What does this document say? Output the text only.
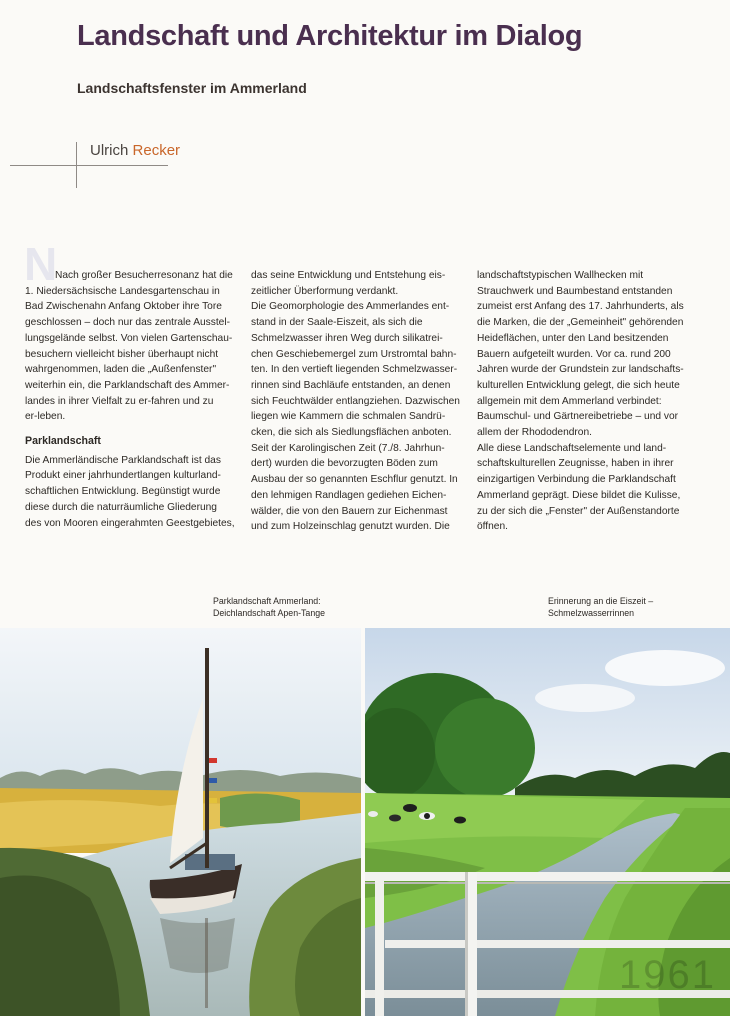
Landschaft und Architektur im Dialog
Landschaftsfenster im Ammerland
Ulrich Recker
N

Nach großer Besucherresonanz hat die

1. Niedersächsische Landesgartenschau in

Bad Zwischenahn Anfang Oktober ihre Tore

geschlossen – doch nur das zentrale Ausstel-

lungsgelände selbst. Von vielen Gartenschau-

besuchern vielleicht bisher überhaupt nicht

wahrgenommen, laden die „Außenfenster"

weiterhin ein, die Parklandschaft des Ammer-

landes in ihrer Vielfalt zu er-fahren und zu

er-leben.

Parklandschaft

Die Ammerländische Parklandschaft ist das

Produkt einer jahrhundertlangen kulturland-

schaftlichen Entwicklung. Begünstigt wurde

diese durch die naturräumliche Gliederung

des von Mooren eingerahmten Geestgebietes,

das seine Entwicklung und Entstehung eis-

zeitlicher Überformung verdankt.

Die Geomorphologie des Ammerlandes ent-

stand in der Saale-Eiszeit, als sich die

Schmelzwasser ihren Weg durch silikatrei-

chen Geschiebemergel zum Urstromtal bahn-

ten. In den vertieft liegenden Schmelzwasser-

rinnen sind Bachläufe entstanden, an denen

sich Feuchtwälder entlangziehen. Dazwischen

liegen wie Kammern die schmalen Sandrü-

cken, die sich als Siedlungsflächen anboten.

Seit der Karolingischen Zeit (7./8. Jahrhun-

dert) wurden die bevorzugten Böden zum

Ausbau der so genannten Eschflur genutzt. In

den lehmigen Randlagen gediehen Eichen-

wälder, die von den Bauern zur Eichenmast

und zum Holzeinschlag genutzt wurden. Die

landschaftstypischen Wallhecken mit

Strauchwerk und Baumbestand entstanden

zumeist erst Anfang des 17. Jahrhunderts, als

die Marken, die der „Gemeinheit" gehörenden

Heideflächen, unter den Land besitzenden

Bauern aufgeteilt wurden. Vor ca. rund 200

Jahren wurde der Grundstein zur landschafts-

kulturellen Entwicklung gelegt, die sich heute

allgemein mit dem Ammerland verbindet:

Baumschul- und Gärtnereibetriebe – und vor

allem der Rhododendron.

Alle diese Landschaftselemente und land-

schaftskulturellen Zeugnisse, haben in ihrer

einzigartigen Verbindung die Parklandschaft

Ammerland geprägt. Diese bildet die Kulisse,

zu der sich die „Fenster" der Außenstandorte

öffnen.

Parklandschaft Ammerland:
Deichlandschaft Apen-Tange
Erinnerung an die Eiszeit –
Schmelzwasserrinnen
1961
